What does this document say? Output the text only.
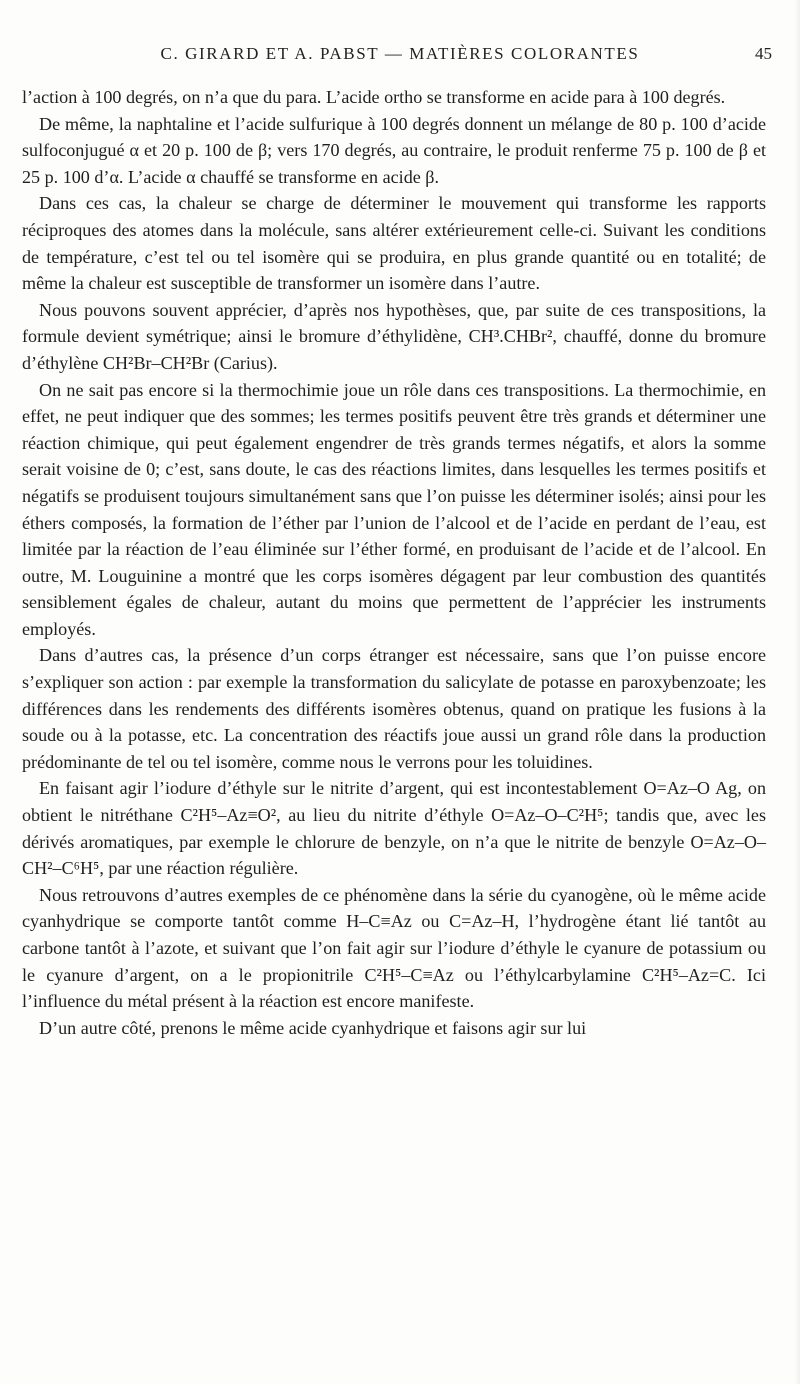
C. GIRARD ET A. PABST — MATIÈRES COLORANTES	45

l’action à 100 degrés, on n’a que du para. L’acide ortho se transforme en acide para à 100 degrés.

De même, la naphtaline et l’acide sulfurique à 100 degrés donnent un mélange de 80 p. 100 d’acide sulfoconjugué α et 20 p. 100 de β; vers 170 degrés, au contraire, le produit renferme 75 p. 100 de β et 25 p. 100 d’α. L’acide α chauffé se transforme en acide β.

Dans ces cas, la chaleur se charge de déterminer le mouvement qui transforme les rapports réciproques des atomes dans la molécule, sans altérer extérieurement celle-ci. Suivant les conditions de température, c’est tel ou tel isomère qui se produira, en plus grande quantité ou en totalité; de même la chaleur est susceptible de transformer un isomère dans l’autre.

Nous pouvons souvent apprécier, d’après nos hypothèses, que, par suite de ces transpositions, la formule devient symétrique; ainsi le bromure d’éthylidène, CH³.CHBr², chauffé, donne du bromure d’éthylène CH²Br–CH²Br (Carius).

On ne sait pas encore si la thermochimie joue un rôle dans ces transpositions. La thermochimie, en effet, ne peut indiquer que des sommes; les termes positifs peuvent être très grands et déterminer une réaction chimique, qui peut également engendrer de très grands termes négatifs, et alors la somme serait voisine de 0; c’est, sans doute, le cas des réactions limites, dans lesquelles les termes positifs et négatifs se produisent toujours simultanément sans que l’on puisse les déterminer isolés; ainsi pour les éthers composés, la formation de l’éther par l’union de l’alcool et de l’acide en perdant de l’eau, est limitée par la réaction de l’eau éliminée sur l’éther formé, en produisant de l’acide et de l’alcool. En outre, M. Louguinine a montré que les corps isomères dégagent par leur combustion des quantités sensiblement égales de chaleur, autant du moins que permettent de l’apprécier les instruments employés.

Dans d’autres cas, la présence d’un corps étranger est nécessaire, sans que l’on puisse encore s’expliquer son action : par exemple la transformation du salicylate de potasse en paroxybenzoate; les différences dans les rendements des différents isomères obtenus, quand on pratique les fusions à la soude ou à la potasse, etc. La concentration des réactifs joue aussi un grand rôle dans la production prédominante de tel ou tel isomère, comme nous le verrons pour les toluidines.

En faisant agir l’iodure d’éthyle sur le nitrite d’argent, qui est incontestablement O=Az–O Ag, on obtient le nitréthane C²H⁵–Az≡O², au lieu du nitrite d’éthyle O=Az–O–C²H⁵; tandis que, avec les dérivés aromatiques, par exemple le chlorure de benzyle, on n’a que le nitrite de benzyle O=Az–O–CH²–C⁶H⁵, par une réaction régulière.

Nous retrouvons d’autres exemples de ce phénomène dans la série du cyanogène, où le même acide cyanhydrique se comporte tantôt comme H–C≡Az ou C=Az–H, l’hydrogène étant lié tantôt au carbone tantôt à l’azote, et suivant que l’on fait agir sur l’iodure d’éthyle le cyanure de potassium ou le cyanure d’argent, on a le propionitrile C²H⁵–C≡Az ou l’éthylcarbylamine C²H⁵–Az=C. Ici l’influence du métal présent à la réaction est encore manifeste.

D’un autre côté, prenons le même acide cyanhydrique et faisons agir sur lui
